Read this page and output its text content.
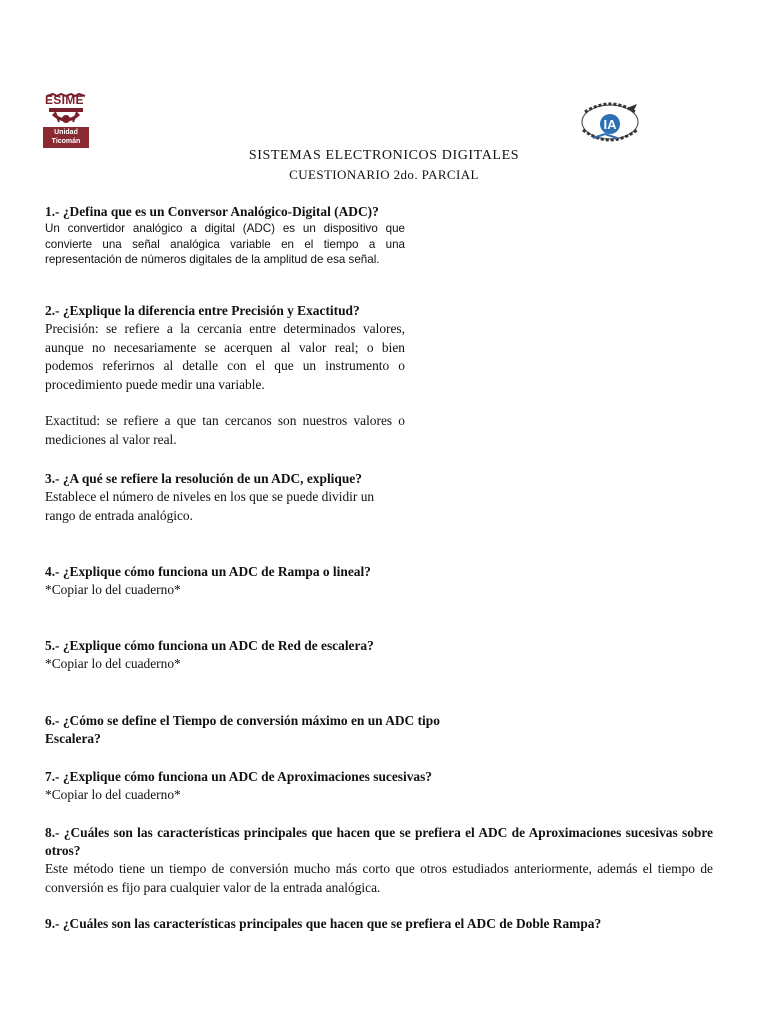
ESIME
Unidad
Ticomán
IA
SISTEMAS ELECTRONICOS DIGITALES
CUESTIONARIO 2do. PARCIAL

1.- ¿Defina que es un Conversor Analógico-Digital (ADC)?

Un convertidor analógico a digital (ADC) es un dispositivo que convierte una señal analógica variable en el tiempo a una representación de números digitales de la amplitud de esa señal.

2.- ¿Explique la diferencia entre Precisión y Exactitud?

Precisión: se refiere a la cercania entre determinados valores, aunque no necesariamente se acerquen al valor real; o bien podemos referirnos al detalle con el que un instrumento o procedimiento puede medir una variable.

Exactitud: se refiere a que tan cercanos son nuestros valores o mediciones al valor real.

3.- ¿A qué se refiere la resolución de un ADC, explique?

Establece el número de niveles en los que se puede dividir un rango de entrada analógico.

4.- ¿Explique cómo funciona un ADC de Rampa o lineal?

*Copiar lo del cuaderno*

5.- ¿Explique cómo funciona un ADC de Red de escalera?

*Copiar lo del cuaderno*

6.- ¿Cómo se define el Tiempo de conversión máximo en un ADC tipo Escalera?

7.- ¿Explique cómo funciona un ADC de Aproximaciones sucesivas?

*Copiar lo del cuaderno*

8.- ¿Cuáles son las características principales que hacen que se prefiera el ADC de Aproximaciones sucesivas sobre otros?

Este método tiene un tiempo de conversión mucho más corto que otros estudiados anteriormente, además el tiempo de conversión es fijo para cualquier valor de la entrada analógica.

9.- ¿Cuáles son las características principales que hacen que se prefiera el ADC de Doble Rampa?
